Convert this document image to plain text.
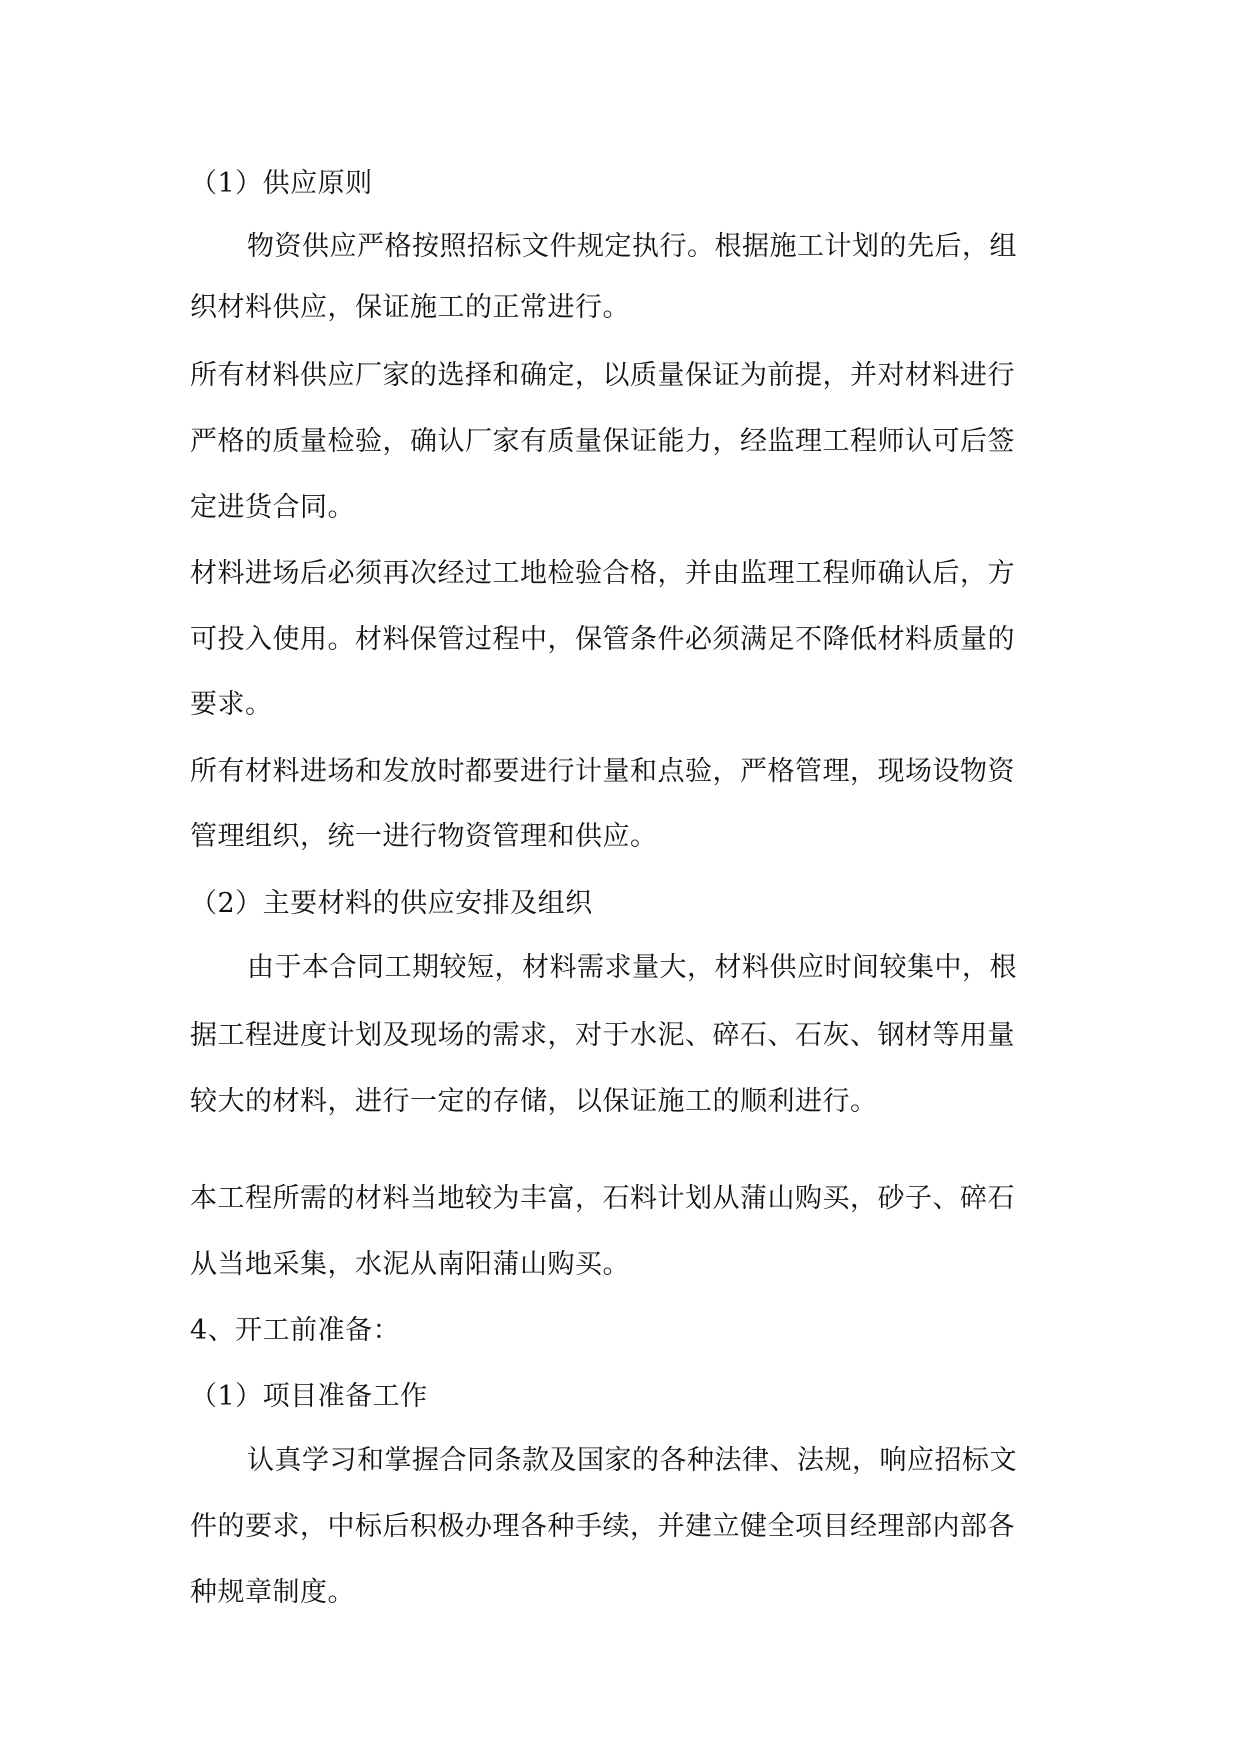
（1）供应原则

物资供应严格按照招标文件规定执行。根据施工计划的先后，组

织材料供应，保证施工的正常进行。

所有材料供应厂家的选择和确定，以质量保证为前提，并对材料进行

严格的质量检验，确认厂家有质量保证能力，经监理工程师认可后签

定进货合同。

材料进场后必须再次经过工地检验合格，并由监理工程师确认后，方

可投入使用。材料保管过程中，保管条件必须满足不降低材料质量的

要求。

所有材料进场和发放时都要进行计量和点验，严格管理，现场设物资

管理组织，统一进行物资管理和供应。

（2）主要材料的供应安排及组织

由于本合同工期较短，材料需求量大，材料供应时间较集中，根

据工程进度计划及现场的需求，对于水泥、碎石、石灰、钢材等用量

较大的材料，进行一定的存储，以保证施工的顺利进行。

本工程所需的材料当地较为丰富，石料计划从蒲山购买，砂子、碎石

从当地采集，水泥从南阳蒲山购买。

4、开工前准备：

（1）项目准备工作

认真学习和掌握合同条款及国家的各种法律、法规，响应招标文

件的要求，中标后积极办理各种手续，并建立健全项目经理部内部各

种规章制度。
